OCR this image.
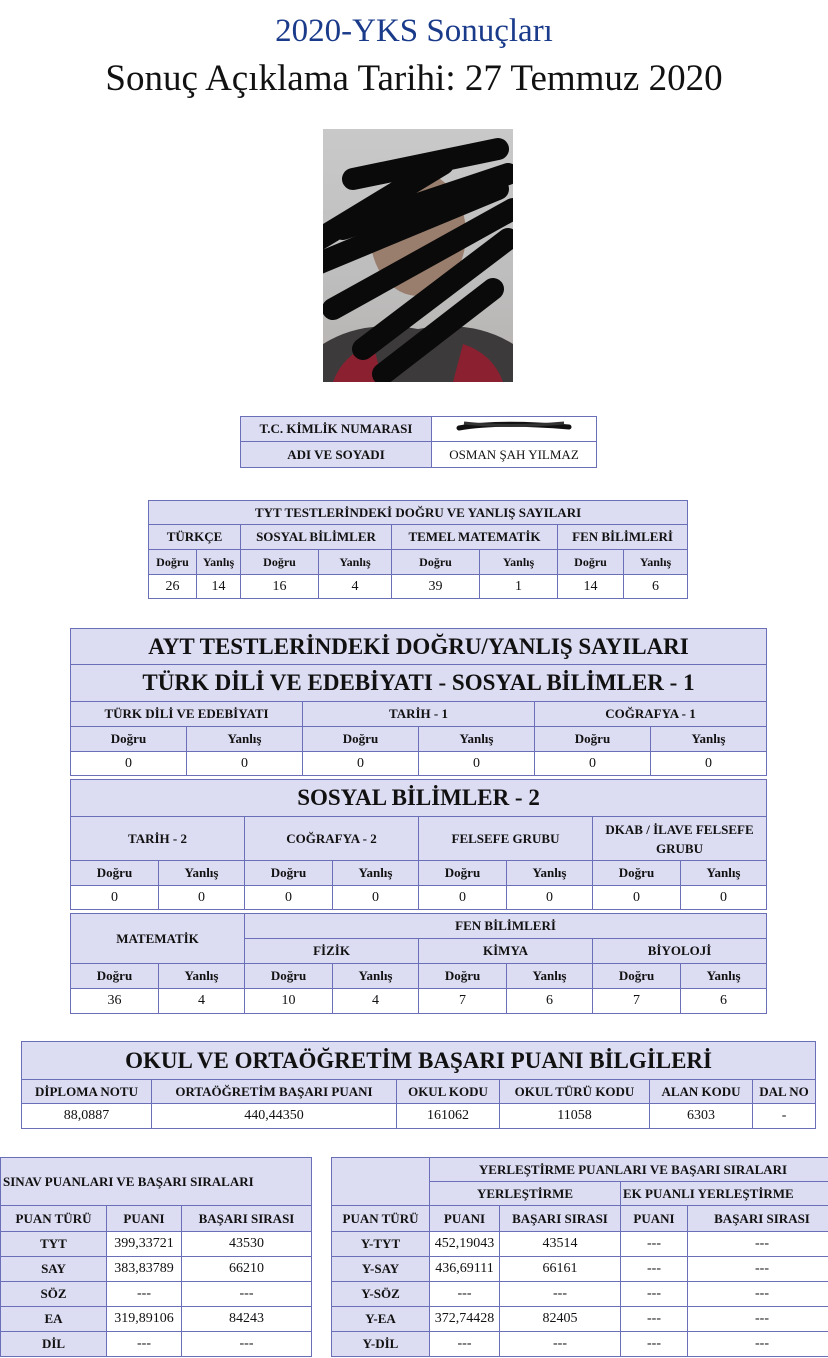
2020-YKS Sonuçları
Sonuç Açıklama Tarihi: 27 Temmuz 2020
T.C. KİMLİK NUMARASI	
ADI VE SOYADI	OSMAN ŞAH YILMAZ
TYT TESTLERİNDEKİ DOĞRU VE YANLIŞ SAYILARI							
TÜRKÇE		SOSYAL BİLİMLER		TEMEL MATEMATİK		FEN BİLİMLERİ	
Doğru	Yanlış	Doğru	Yanlış	Doğru	Yanlış	Doğru	Yanlış
26	14	16	4	39	1	14	6
AYT TESTLERİNDEKİ DOĞRU/YANLIŞ SAYILARI					
TÜRK DİLİ VE EDEBİYATI - SOSYAL BİLİMLER - 1					
TÜRK DİLİ VE EDEBİYATI		TARİH - 1		COĞRAFYA - 1	
Doğru	Yanlış	Doğru	Yanlış	Doğru	Yanlış
0	0	0	0	0	0
SOSYAL BİLİMLER - 2							
TARİH - 2		COĞRAFYA - 2		FELSEFE GRUBU		DKAB / İLAVE FELSEFE GRUBU	
Doğru	Yanlış	Doğru	Yanlış	Doğru	Yanlış	Doğru	Yanlış
0	0	0	0	0	0	0	0
MATEMATİK		FEN BİLİMLERİ					
		FİZİK		KİMYA		BİYOLOJİ	
Doğru	Yanlış	Doğru	Yanlış	Doğru	Yanlış	Doğru	Yanlış
36	4	10	4	7	6	7	6
OKUL VE ORTAÖĞRETİM BAŞARI PUANI BİLGİLERİ					
DİPLOMA NOTU	ORTAÖĞRETİM BAŞARI PUANI	OKUL KODU	OKUL TÜRÜ KODU	ALAN KODU	DAL NO
88,0887	440,44350	161062	11058	6303	-
SINAV PUANLARI VE BAŞARI SIRALARI		
PUAN TÜRÜ	PUANI	BAŞARI SIRASI
TYT	399,33721	43530
SAY	383,83789	66210
SÖZ	---	---
EA	319,89106	84243
DİL	---	---
	YERLEŞTİRME PUANLARI VE BAŞARI SIRALARI			
	YERLEŞTİRME		EK PUANLI YERLEŞTİRME	
PUAN TÜRÜ	PUANI	BAŞARI SIRASI	PUANI	BAŞARI SIRASI
Y-TYT	452,19043	43514	---	---
Y-SAY	436,69111	66161	---	---
Y-SÖZ	---	---	---	---
Y-EA	372,74428	82405	---	---
Y-DİL	---	---	---	---
